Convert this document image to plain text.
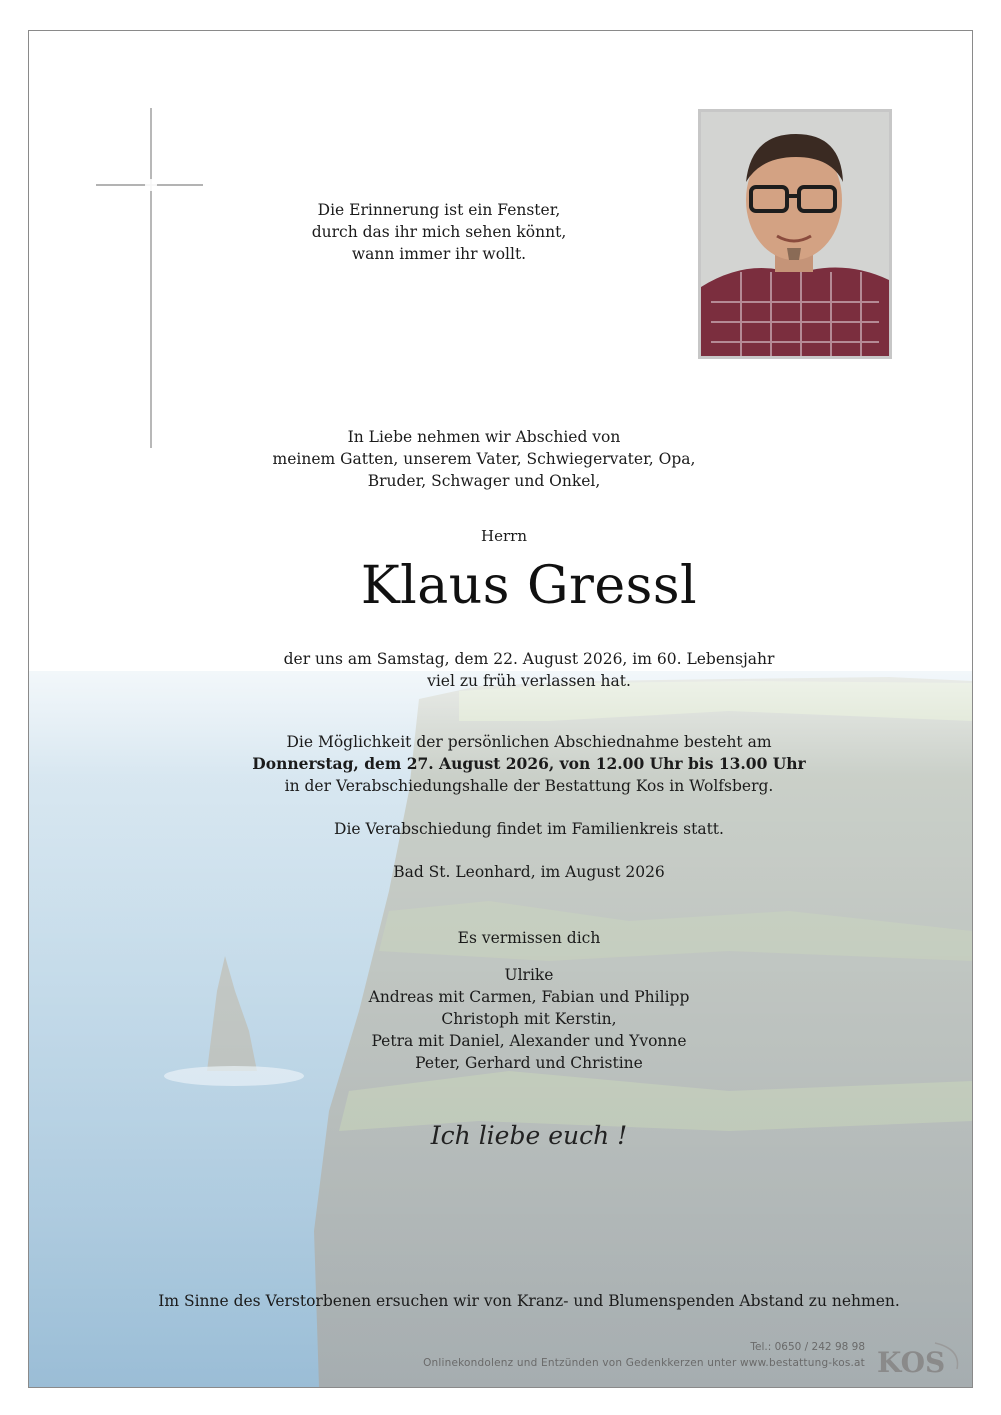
Die Erinnerung ist ein Fenster,
durch das ihr mich sehen könnt,
wann immer ihr wollt.
In Liebe nehmen wir Abschied von
meinem Gatten, unserem Vater, Schwiegervater, Opa,
Bruder, Schwager und Onkel,
Herrn
Klaus Gressl
der uns am Samstag, dem 22. August 2026, im 60. Lebensjahr
viel zu früh verlassen hat.
Die Möglichkeit der persönlichen Abschiednahme besteht am
Donnerstag, dem 27. August 2026, von 12.00 Uhr bis 13.00 Uhr
in der Verabschiedungshalle der Bestattung Kos in Wolfsberg.
Die Verabschiedung findet im Familienkreis statt.
Bad St. Leonhard, im August 2026
Es vermissen dich
Ulrike
Andreas mit Carmen, Fabian und Philipp
Christoph mit Kerstin,
Petra mit Daniel, Alexander und Yvonne
Peter, Gerhard und Christine
Ich liebe euch !
Im Sinne des Verstorbenen ersuchen wir von Kranz- und Blumenspenden Abstand zu nehmen.
Tel.: 0650 / 242 98 98
Onlinekondolenz und Entzünden von Gedenkkerzen unter www.bestattung-kos.at KOS
